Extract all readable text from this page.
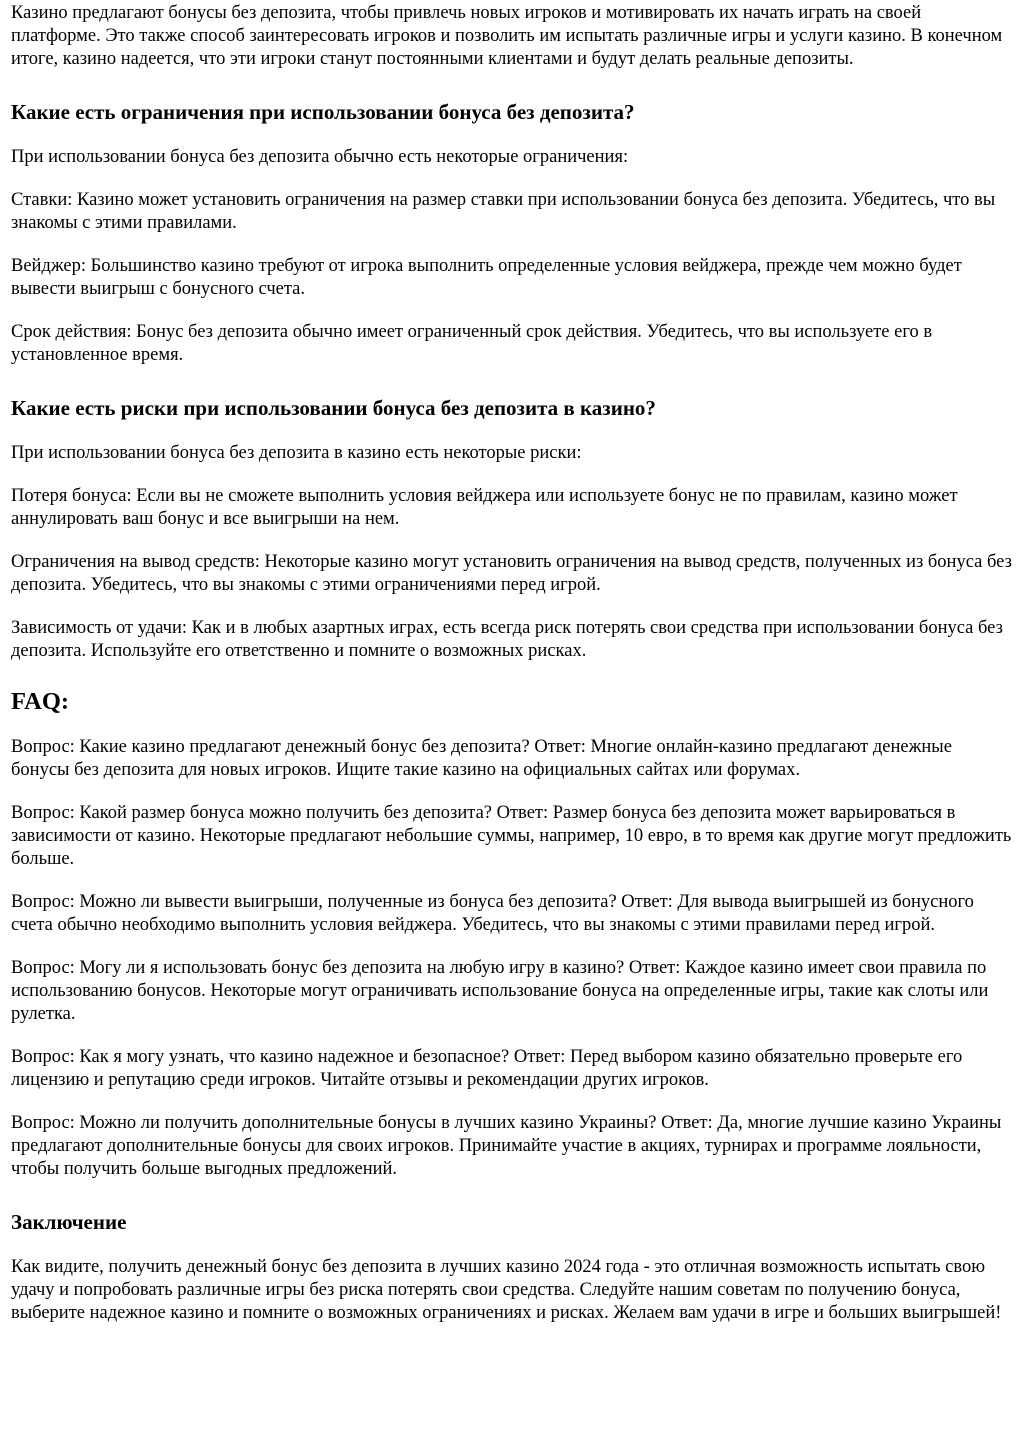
Казино предлагают бонусы без депозита, чтобы привлечь новых игроков и мотивировать их начать играть на своей платформе. Это также способ заинтересовать игроков и позволить им испытать различные игры и услуги казино. В конечном итоге, казино надеется, что эти игроки станут постоянными клиентами и будут делать реальные депозиты.

Какие есть ограничения при использовании бонуса без депозита?

При использовании бонуса без депозита обычно есть некоторые ограничения:

Ставки: Казино может установить ограничения на размер ставки при использовании бонуса без депозита. Убедитесь, что вы знакомы с этими правилами.

Вейджер: Большинство казино требуют от игрока выполнить определенные условия вейджера, прежде чем можно будет вывести выигрыш с бонусного счета.

Срок действия: Бонус без депозита обычно имеет ограниченный срок действия. Убедитесь, что вы используете его в установленное время.

Какие есть риски при использовании бонуса без депозита в казино?

При использовании бонуса без депозита в казино есть некоторые риски:

Потеря бонуса: Если вы не сможете выполнить условия вейджера или используете бонус не по правилам, казино может аннулировать ваш бонус и все выигрыши на нем.

Ограничения на вывод средств: Некоторые казино могут установить ограничения на вывод средств, полученных из бонуса без депозита. Убедитесь, что вы знакомы с этими ограничениями перед игрой.

Зависимость от удачи: Как и в любых азартных играх, есть всегда риск потерять свои средства при использовании бонуса без депозита. Используйте его ответственно и помните о возможных рисках.

FAQ:

Вопрос: Какие казино предлагают денежный бонус без депозита? Ответ: Многие онлайн-казино предлагают денежные бонусы без депозита для новых игроков. Ищите такие казино на официальных сайтах или форумах.

Вопрос: Какой размер бонуса можно получить без депозита? Ответ: Размер бонуса без депозита может варьироваться в зависимости от казино. Некоторые предлагают небольшие суммы, например, 10 евро, в то время как другие могут предложить больше.

Вопрос: Можно ли вывести выигрыши, полученные из бонуса без депозита? Ответ: Для вывода выигрышей из бонусного счета обычно необходимо выполнить условия вейджера. Убедитесь, что вы знакомы с этими правилами перед игрой.

Вопрос: Могу ли я использовать бонус без депозита на любую игру в казино? Ответ: Каждое казино имеет свои правила по использованию бонусов. Некоторые могут ограничивать использование бонуса на определенные игры, такие как слоты или рулетка.

Вопрос: Как я могу узнать, что казино надежное и безопасное? Ответ: Перед выбором казино обязательно проверьте его лицензию и репутацию среди игроков. Читайте отзывы и рекомендации других игроков.

Вопрос: Можно ли получить дополнительные бонусы в лучших казино Украины? Ответ: Да, многие лучшие казино Украины предлагают дополнительные бонусы для своих игроков. Принимайте участие в акциях, турнирах и программе лояльности, чтобы получить больше выгодных предложений.

Заключение

Как видите, получить денежный бонус без депозита в лучших казино 2024 года - это отличная возможность испытать свою удачу и попробовать различные игры без риска потерять свои средства. Следуйте нашим советам по получению бонуса, выберите надежное казино и помните о возможных ограничениях и рисках. Желаем вам удачи в игре и больших выигрышей!
